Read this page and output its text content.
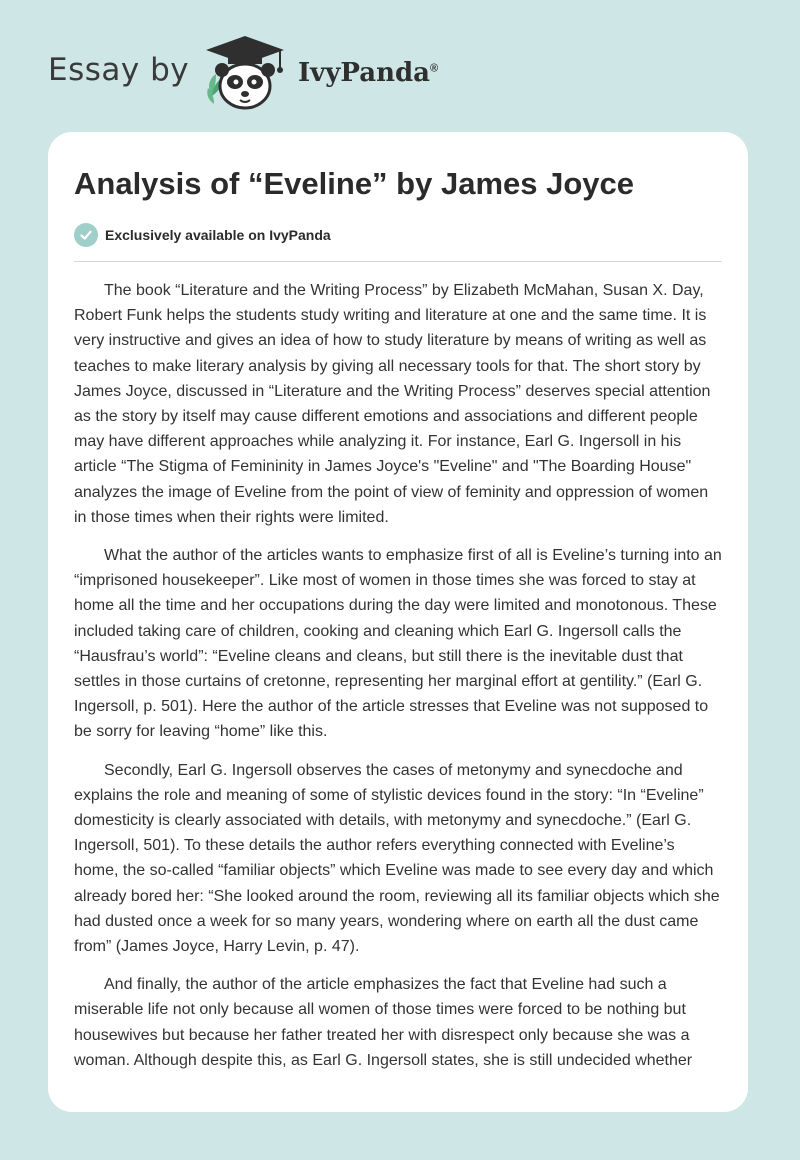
Essay by	IvyPanda®
Analysis of “Eveline” by James Joyce
Exclusively available on IvyPanda

The book “Literature and the Writing Process” by Elizabeth McMahan, Susan X. Day, Robert Funk helps the students study writing and literature at one and the same time. It is very instructive and gives an idea of how to study literature by means of writing as well as teaches to make literary analysis by giving all necessary tools for that. The short story by James Joyce, discussed in “Literature and the Writing Process” deserves special attention as the story by itself may cause different emotions and associations and different people may have different approaches while analyzing it. For instance, Earl G. Ingersoll in his article “The Stigma of Femininity in James Joyce's "Eveline" and "The Boarding House" analyzes the image of Eveline from the point of view of feminity and oppression of women in those times when their rights were limited.

What the author of the articles wants to emphasize first of all is Eveline’s turning into an “imprisoned housekeeper”. Like most of women in those times she was forced to stay at home all the time and her occupations during the day were limited and monotonous. These included taking care of children, cooking and cleaning which Earl G. Ingersoll calls the “Hausfrau’s world”: “Eveline cleans and cleans, but still there is the inevitable dust that settles in those curtains of cretonne, representing her marginal effort at gentility.” (Earl G. Ingersoll, p. 501). Here the author of the article stresses that Eveline was not supposed to be sorry for leaving “home” like this.

Secondly, Earl G. Ingersoll observes the cases of metonymy and synecdoche and explains the role and meaning of some of stylistic devices found in the story: “In “Eveline” domesticity is clearly associated with details, with metonymy and synecdoche.” (Earl G. Ingersoll, 501). To these details the author refers everything connected with Eveline’s home, the so-called “familiar objects” which Eveline was made to see every day and which already bored her: “She looked around the room, reviewing all its familiar objects which she had dusted once a week for so many years, wondering where on earth all the dust came from” (James Joyce, Harry Levin, p. 47).

And finally, the author of the article emphasizes the fact that Eveline had such a miserable life not only because all women of those times were forced to be nothing but housewives but because her father treated her with disrespect only because she was a woman. Although despite this, as Earl G. Ingersoll states, she is still undecided whether
